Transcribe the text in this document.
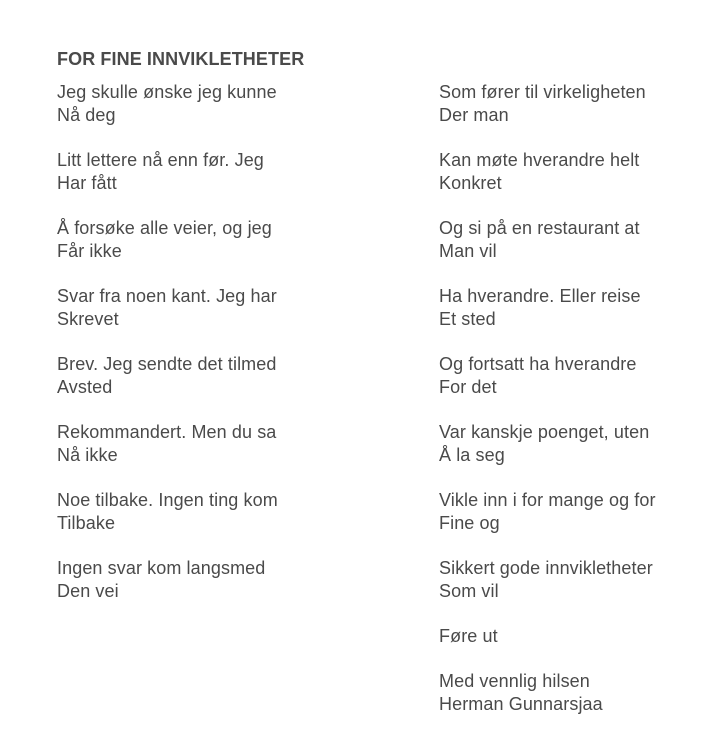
FOR FINE INNVIKLETHETER
Jeg skulle ønske jeg kunne
Nå deg
Litt lettere nå enn før. Jeg
Har fått
Å forsøke alle veier, og jeg
Får ikke
Svar fra noen kant. Jeg har
Skrevet
Brev. Jeg sendte det tilmed
Avsted
Rekommandert. Men du sa
Nå ikke
Noe tilbake. Ingen ting kom
Tilbake
Ingen svar kom langsmed
Den vei
Som fører til virkeligheten
Der man
Kan møte hverandre helt
Konkret
Og si på en restaurant at
Man vil
Ha hverandre. Eller reise
Et sted
Og fortsatt ha hverandre
For det
Var kanskje poenget, uten
Å la seg
Vikle inn i for mange og for
Fine og
Sikkert gode innvikletheter
Som vil
Føre ut
Med vennlig hilsen
Herman Gunnarsjaa
